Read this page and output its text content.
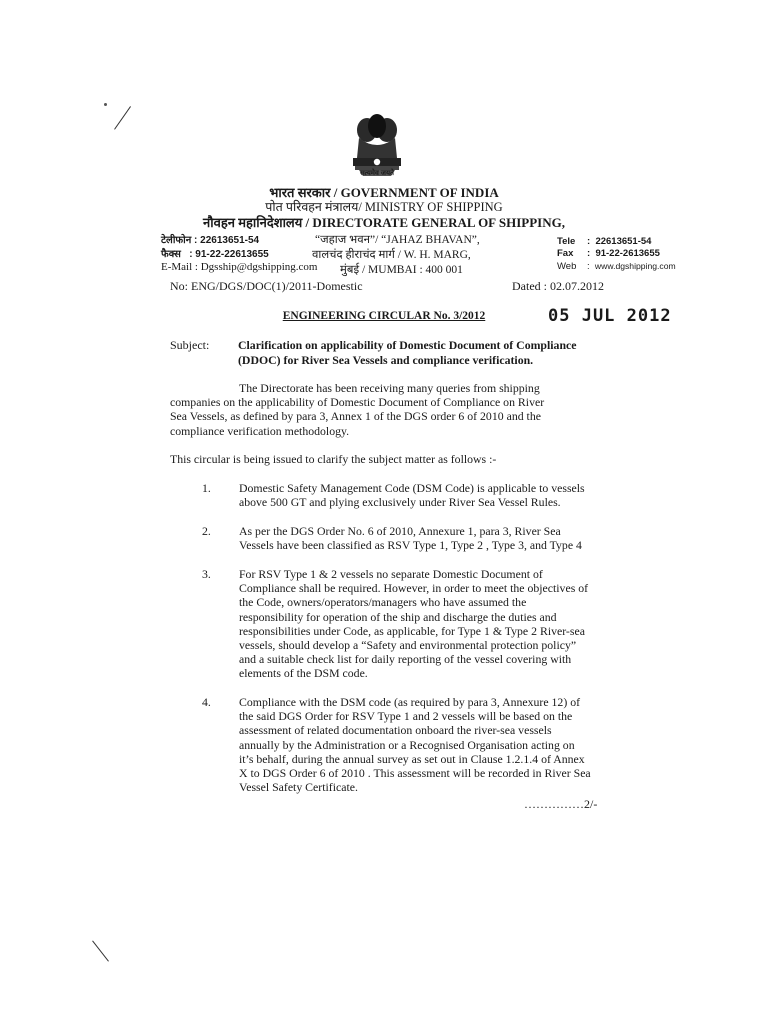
सत्यमेव जयते
भारत सरकार / GOVERNMENT OF INDIA
पोत परिवहन मंत्रालय/ MINISTRY OF SHIPPING
नौवहन महानिदेशालय / DIRECTORATE GENERAL OF SHIPPING,
टेलीफोन : 22613651-54
फैक्स   : 91-22-22613655
E-Mail : Dgsship@dgshipping.com
“जहाज भवन”/ “JAHAZ BHAVAN”,
वालचंद हीराचंद मार्ग / W. H. MARG,
मुंबई / MUMBAI : 400 001
Tele :  22613651-54
Fax :  91-22-2613655
Web :  www.dgshipping.com
No: ENG/DGS/DOC(1)/2011-Domestic	Dated : 02.07.2012
ENGINEERING CIRCULAR No. 3/2012	05 JUL 2012
Subject: Clarification on applicability of Domestic Document of Compliance
(DDOC) for River Sea Vessels and compliance verification.
The Directorate has been receiving many queries from shipping
companies on the applicability of Domestic Document of Compliance on River
Sea Vessels, as defined by para 3, Annex 1 of the DGS order 6 of 2010 and the
compliance verification methodology.
This circular is being issued to clarify the subject matter as follows :-
1. Domestic Safety Management Code (DSM Code) is applicable to vessels
above 500 GT and plying exclusively under River Sea Vessel Rules.
2. As per the DGS Order No. 6 of 2010, Annexure 1, para 3, River Sea
Vessels have been classified as RSV Type 1, Type 2 , Type 3, and Type 4
3. For RSV Type 1 & 2 vessels no separate Domestic Document of
Compliance shall be required. However, in order to meet the objectives of
the Code, owners/operators/managers who have assumed the
responsibility for operation of the ship and discharge the duties and
responsibilities under Code, as applicable, for Type 1 & Type 2 River-sea
vessels, should develop a “Safety and environmental protection policy”
and a suitable check list for daily reporting of the vessel covering with
elements of the DSM code.
4. Compliance with the DSM code (as required by para 3, Annexure 12) of
the said DGS Order for RSV Type 1 and 2 vessels will be based on the
assessment of related documentation onboard the river-sea vessels
annually by the Administration or a Recognised Organisation acting on
it’s behalf, during the annual survey as set out in Clause 1.2.1.4 of Annex
X to DGS Order 6 of 2010 . This assessment will be recorded in River Sea
Vessel Safety Certificate.
……………2/-
